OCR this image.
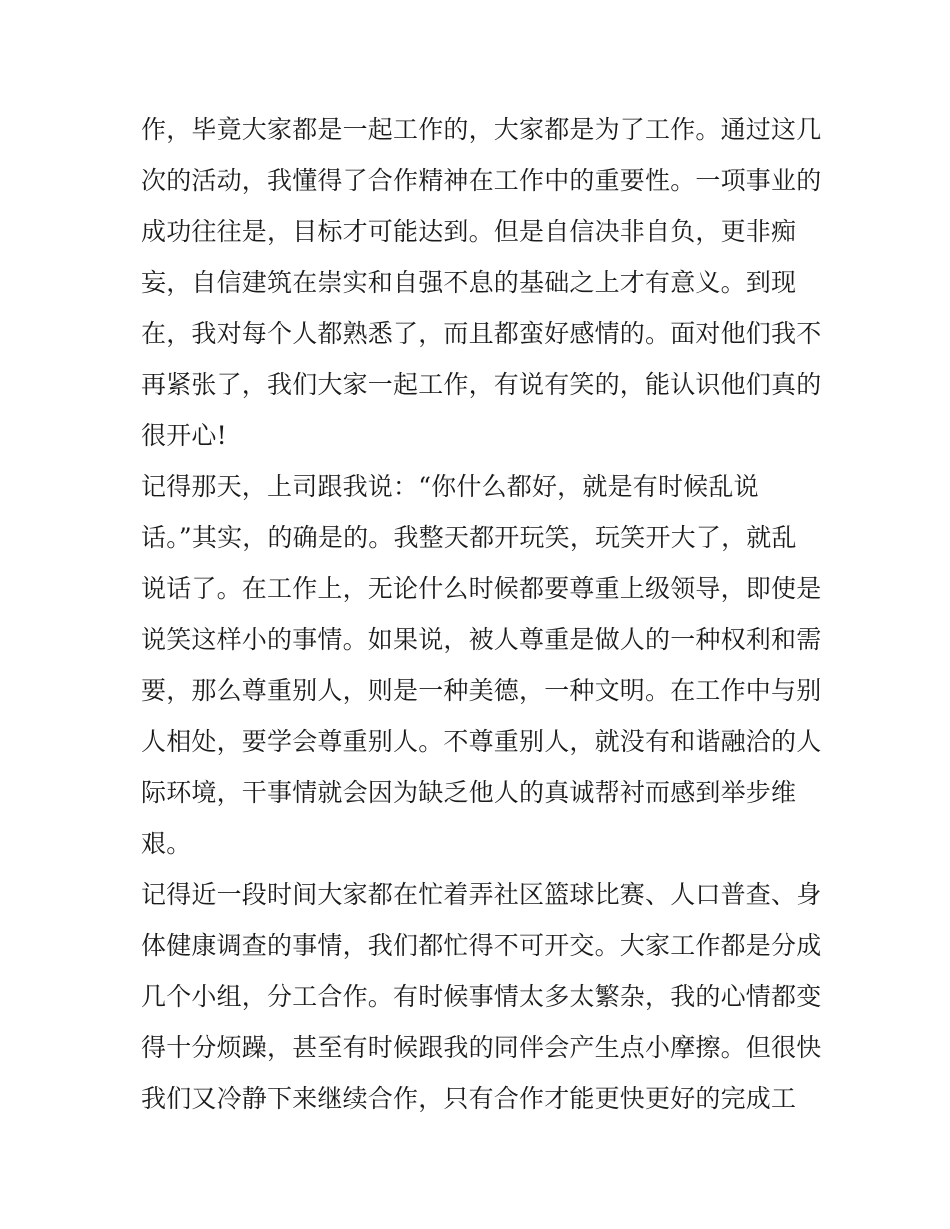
作，毕竟大家都是一起工作的，大家都是为了工作。通过这几

次的活动，我懂得了合作精神在工作中的重要性。一项事业的

成功往往是，目标才可能达到。但是自信决非自负，更非痴

妄，自信建筑在崇实和自强不息的基础之上才有意义。到现

在，我对每个人都熟悉了，而且都蛮好感情的。面对他们我不

再紧张了，我们大家一起工作，有说有笑的，能认识他们真的

很开心!

记得那天，上司跟我说：“你什么都好，就是有时候乱说

话。”其实，的确是的。我整天都开玩笑，玩笑开大了，就乱

说话了。在工作上，无论什么时候都要尊重上级领导，即使是

说笑这样小的事情。如果说，被人尊重是做人的一种权利和需

要，那么尊重别人，则是一种美德，一种文明。在工作中与别

人相处，要学会尊重别人。不尊重别人，就没有和谐融洽的人

际环境，干事情就会因为缺乏他人的真诚帮衬而感到举步维

艰。

记得近一段时间大家都在忙着弄社区篮球比赛、人口普查、身

体健康调查的事情，我们都忙得不可开交。大家工作都是分成

几个小组，分工合作。有时候事情太多太繁杂，我的心情都变

得十分烦躁，甚至有时候跟我的同伴会产生点小摩擦。但很快

我们又冷静下来继续合作，只有合作才能更快更好的完成工
